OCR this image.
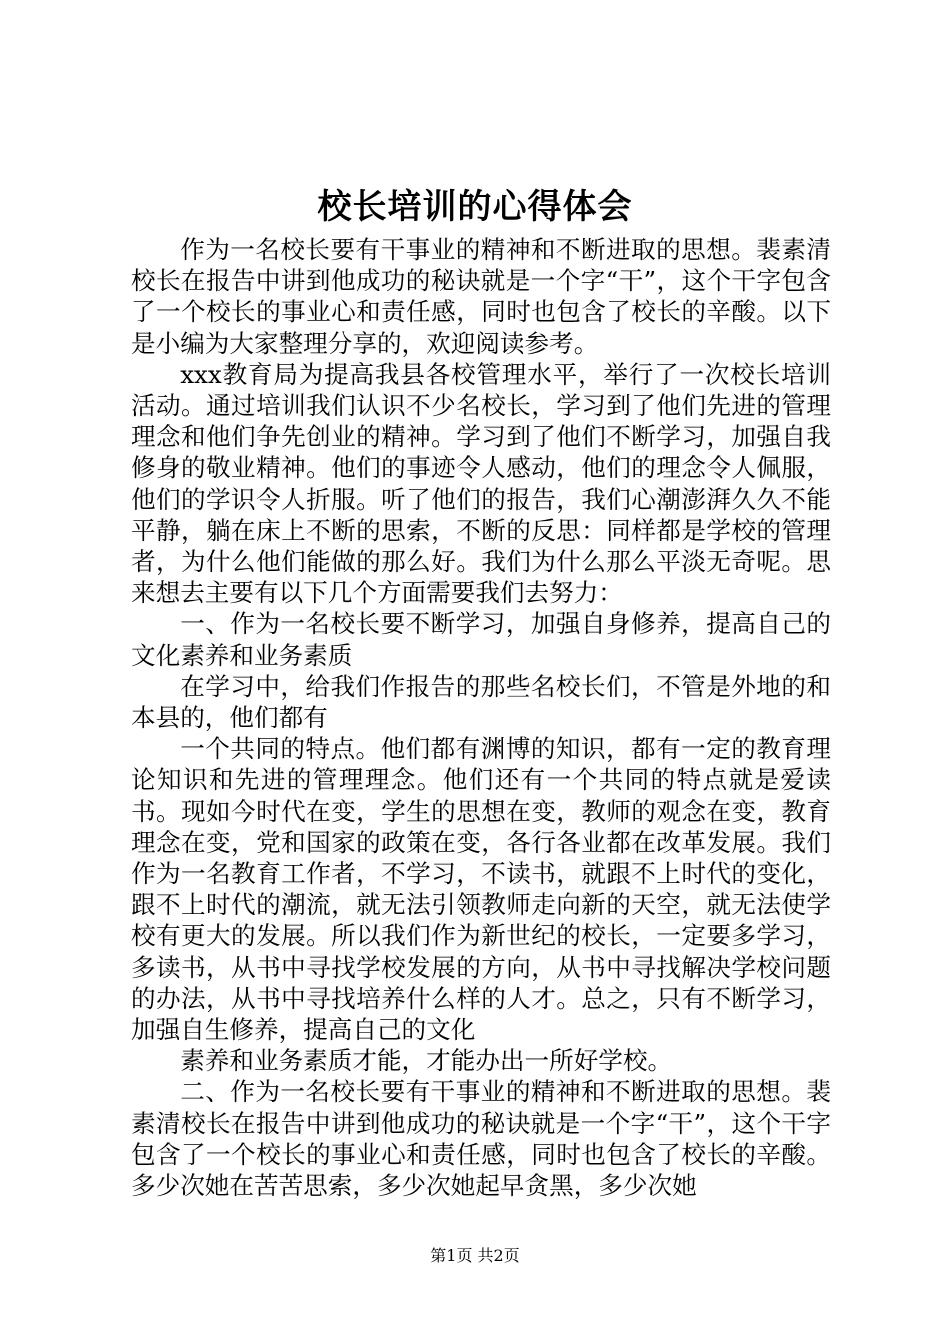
校长培训的心得体会

作为一名校长要有干事业的精神和不断进取的思想。裴素清校长在报告中讲到他成功的秘诀就是一个字“干”，这个干字包含了一个校长的事业心和责任感，同时也包含了校长的辛酸。以下是小编为大家整理分享的，欢迎阅读参考。

xxx教育局为提高我县各校管理水平，举行了一次校长培训活动。通过培训我们认识不少名校长，学习到了他们先进的管理理念和他们争先创业的精神。学习到了他们不断学习，加强自我修身的敬业精神。他们的事迹令人感动，他们的理念令人佩服，他们的学识令人折服。听了他们的报告，我们心潮澎湃久久不能平静，躺在床上不断的思索，不断的反思：同样都是学校的管理者，为什么他们能做的那么好。我们为什么那么平淡无奇呢。思来想去主要有以下几个方面需要我们去努力：

一、作为一名校长要不断学习，加强自身修养，提高自己的文化素养和业务素质

在学习中，给我们作报告的那些名校长们，不管是外地的和本县的，他们都有

一个共同的特点。他们都有渊博的知识，都有一定的教育理论知识和先进的管理理念。他们还有一个共同的特点就是爱读书。现如今时代在变，学生的思想在变，教师的观念在变，教育理念在变，党和国家的政策在变，各行各业都在改革发展。我们作为一名教育工作者，不学习，不读书，就跟不上时代的变化，跟不上时代的潮流，就无法引领教师走向新的天空，就无法使学校有更大的发展。所以我们作为新世纪的校长，一定要多学习，多读书，从书中寻找学校发展的方向，从书中寻找解决学校问题的办法，从书中寻找培养什么样的人才。总之，只有不断学习，加强自生修养，提高自己的文化

素养和业务素质才能，才能办出一所好学校。

二、作为一名校长要有干事业的精神和不断进取的思想。裴素清校长在报告中讲到他成功的秘诀就是一个字“干”，这个干字包含了一个校长的事业心和责任感，同时也包含了校长的辛酸。多少次她在苦苦思索，多少次她起早贪黑，多少次她

第1页 共2页
